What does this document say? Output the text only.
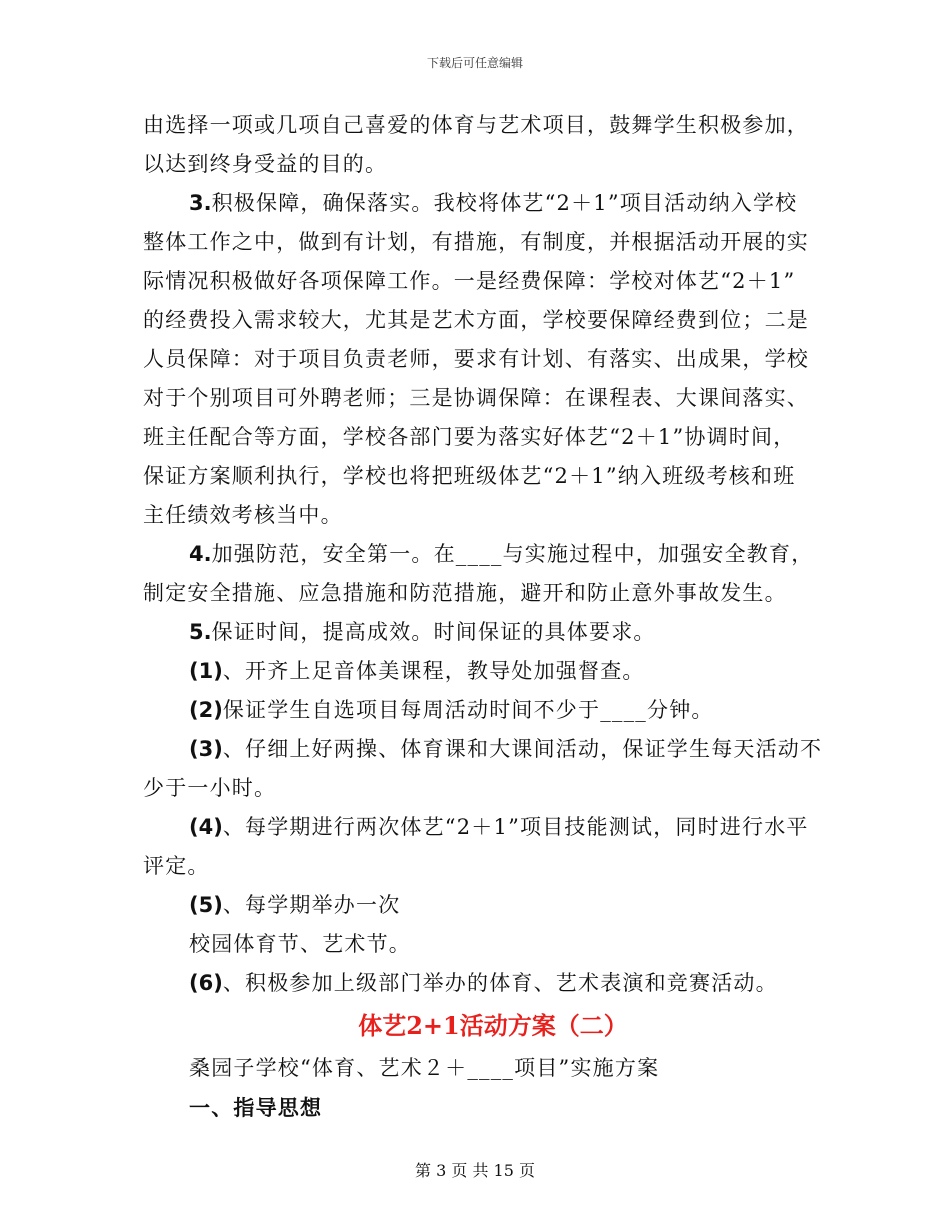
下载后可任意编辑
由选择一项或几项自己喜爱的体育与艺术项目，鼓舞学生积极参加，
以达到终身受益的目的。
3.积极保障，确保落实。我校将体艺“2＋1”项目活动纳入学校
整体工作之中，做到有计划，有措施，有制度，并根据活动开展的实
际情况积极做好各项保障工作。一是经费保障：学校对体艺“2＋1”
的经费投入需求较大，尤其是艺术方面，学校要保障经费到位；二是
人员保障：对于项目负责老师，要求有计划、有落实、出成果，学校
对于个别项目可外聘老师；三是协调保障：在课程表、大课间落实、
班主任配合等方面，学校各部门要为落实好体艺“2＋1”协调时间，
保证方案顺利执行，学校也将把班级体艺“2＋1”纳入班级考核和班
主任绩效考核当中。
4.加强防范，安全第一。在____与实施过程中，加强安全教育，
制定安全措施、应急措施和防范措施，避开和防止意外事故发生。
5.保证时间，提高成效。时间保证的具体要求。
(1)、开齐上足音体美课程，教导处加强督查。
(2)保证学生自选项目每周活动时间不少于____分钟。
(3)、仔细上好两操、体育课和大课间活动，保证学生每天活动不
少于一小时。
(4)、每学期进行两次体艺“2＋1”项目技能测试，同时进行水平
评定。
(5)、每学期举办一次
校园体育节、艺术节。
(6)、积极参加上级部门举办的体育、艺术表演和竞赛活动。
体艺2+1活动方案（二）
桑园子学校“体育、艺术２＋____项目”实施方案
一、指导思想
第 3 页 共 15 页
